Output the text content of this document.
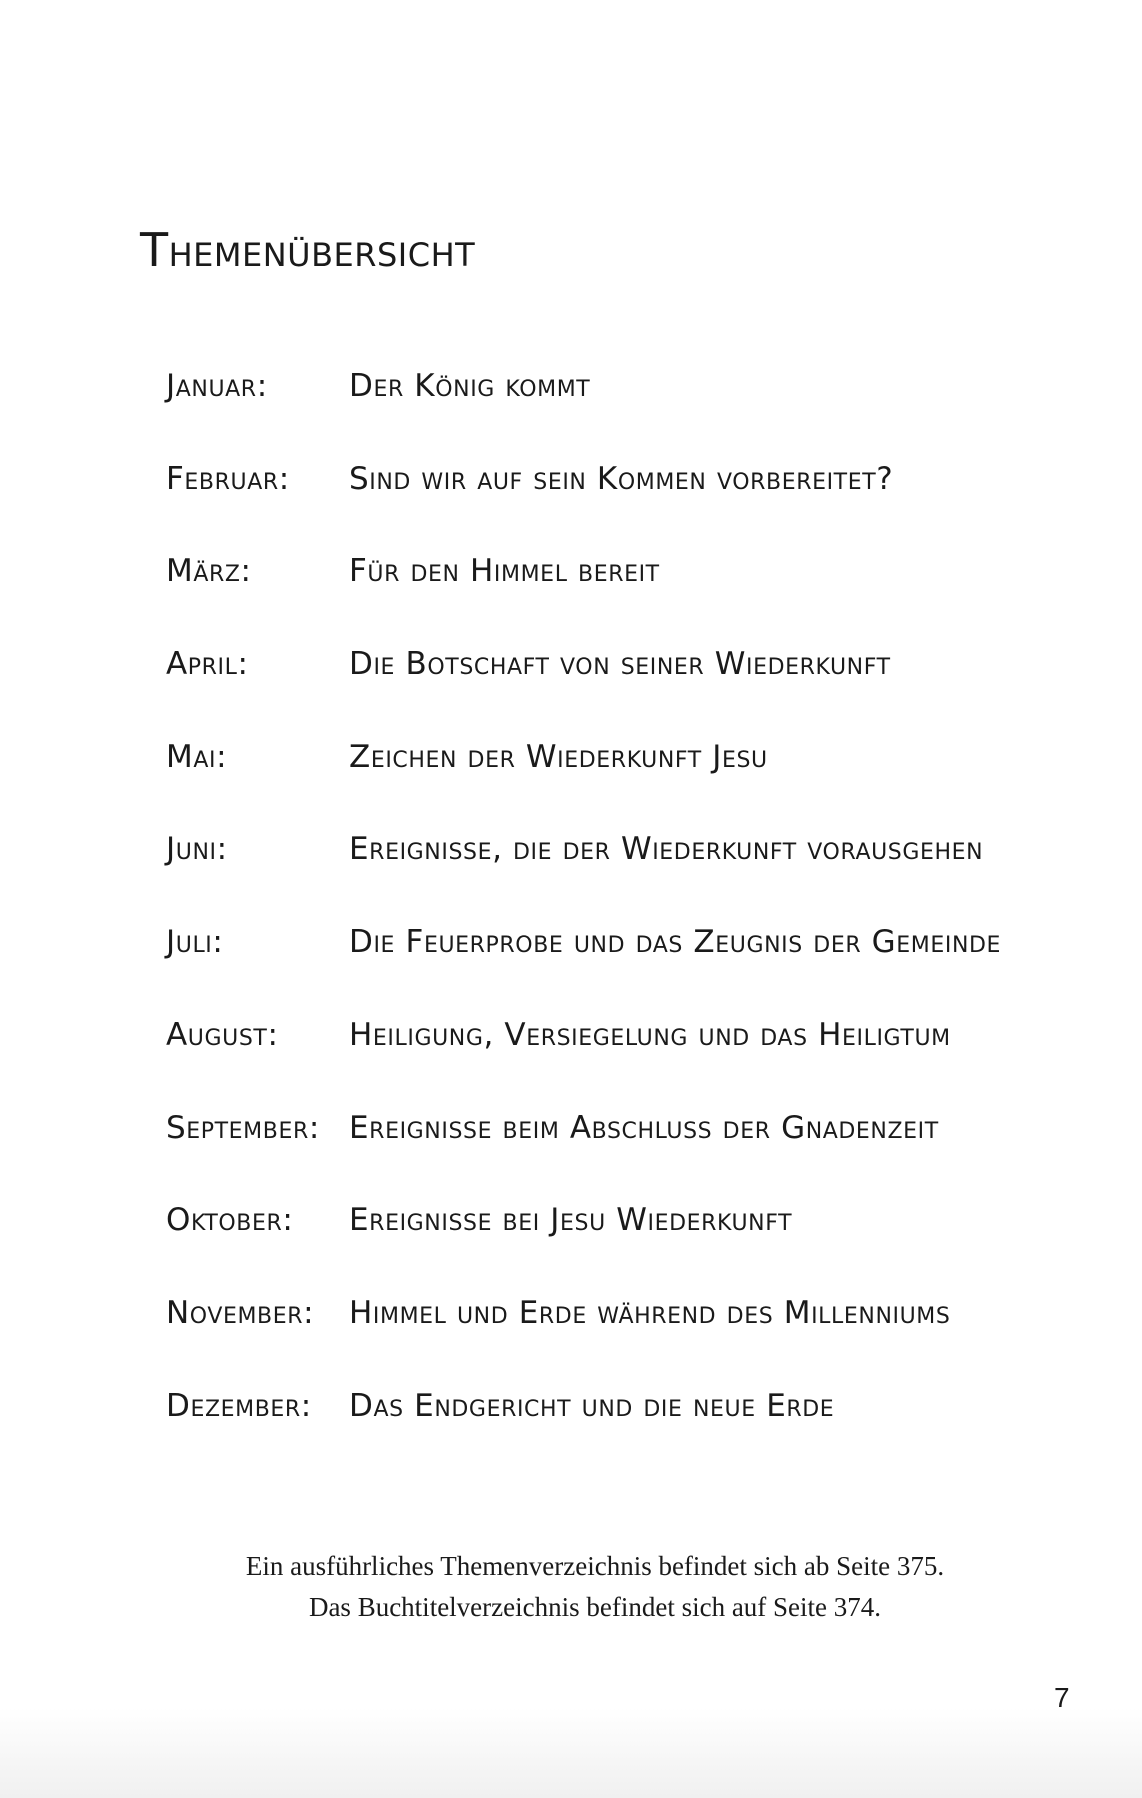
Themenübersicht
Januar:	Der König kommt
Februar: Sind wir auf sein Kommen vorbereitet?
März:	Für den Himmel bereit
April:	Die Botschaft von seiner Wiederkunft
Mai:	Zeichen der Wiederkunft Jesu
Juni:	Ereignisse, die der Wiederkunft vorausgehen
Juli:	Die Feuerprobe und das Zeugnis der Gemeinde
August: Heiligung, Versiegelung und das Heiligtum
September: Ereignisse beim Abschluss der Gnadenzeit
Oktober: Ereignisse bei Jesu Wiederkunft
November: Himmel und Erde während des Millenniums
Dezember: Das Endgericht und die neue Erde

Ein ausführliches Themenverzeichnis befindet sich ab Seite 375.

Das Buchtitelverzeichnis befindet sich auf Seite 374.

7
